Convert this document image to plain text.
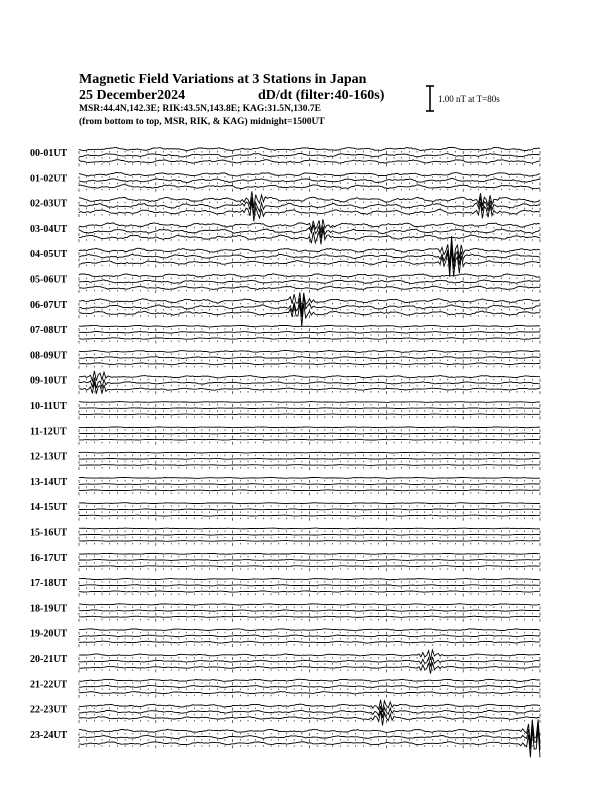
00-01UT
01-02UT
02-03UT
03-04UT
04-05UT
05-06UT
06-07UT
07-08UT
08-09UT
09-10UT
10-11UT
11-12UT
12-13UT
13-14UT
14-15UT
15-16UT
16-17UT
17-18UT
18-19UT
19-20UT
20-21UT
21-22UT
22-23UT
23-24UT
Magnetic Field Variations at 3 Stations in Japan
25 December2024	dD/dt (filter:40-160s)
MSR:44.4N,142.3E; RIK:43.5N,143.8E; KAG:31.5N,130.7E
(from bottom to top, MSR, RIK, & KAG) midnight=1500UT
1.00 nT at T=80s
